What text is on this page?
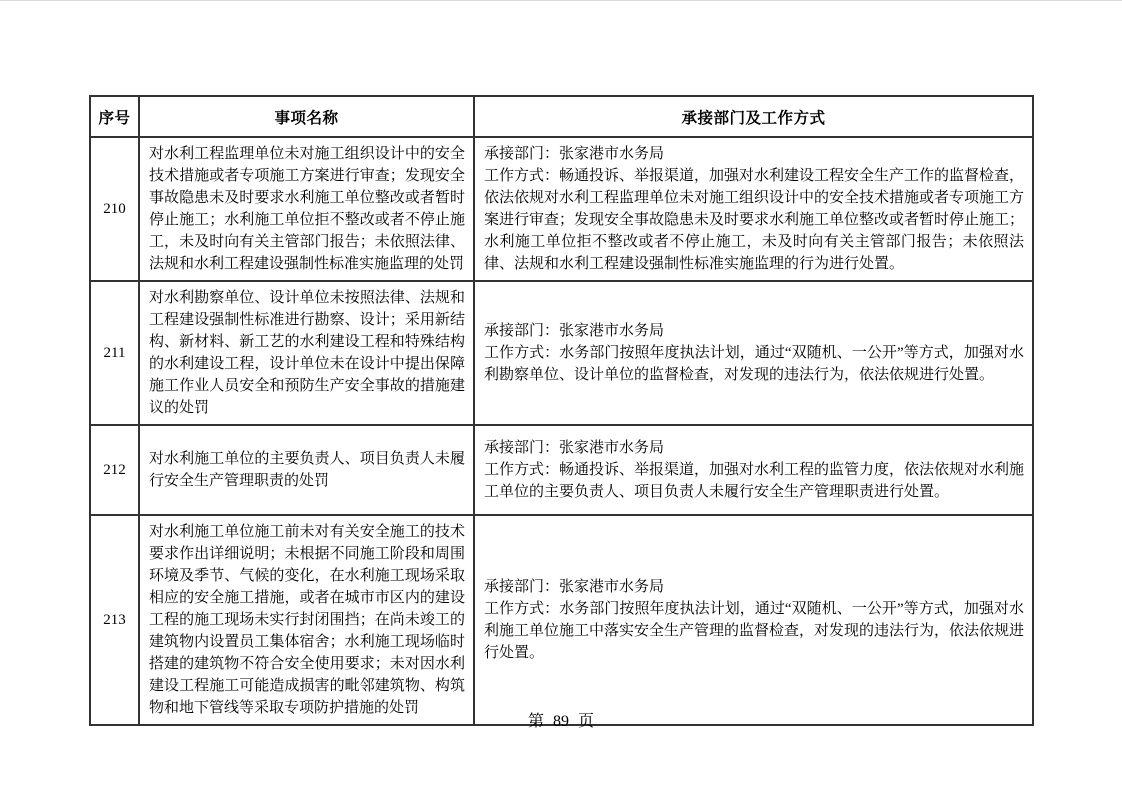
序号	事项名称	承接部门及工作方式
210	对水利工程监理单位未对施工组织设计中的安全技术措施或者专项施工方案进行审查；发现安全事故隐患未及时要求水利施工单位整改或者暂时停止施工；水利施工单位拒不整改或者不停止施工，未及时向有关主管部门报告；未依照法律、法规和水利工程建设强制性标准实施监理的处罚	承接部门：张家港市水务局
工作方式：畅通投诉、举报渠道，加强对水利建设工程安全生产工作的监督检查，依法依规对水利工程监理单位未对施工组织设计中的安全技术措施或者专项施工方案进行审查；发现安全事故隐患未及时要求水利施工单位整改或者暂时停止施工；水利施工单位拒不整改或者不停止施工，未及时向有关主管部门报告；未依照法律、法规和水利工程建设强制性标准实施监理的行为进行处置。

211	对水利勘察单位、设计单位未按照法律、法规和工程建设强制性标准进行勘察、设计；采用新结构、新材料、新工艺的水利建设工程和特殊结构的水利建设工程，设计单位未在设计中提出保障施工作业人员安全和预防生产安全事故的措施建议的处罚	承接部门：张家港市水务局
工作方式：水务部门按照年度执法计划，通过“双随机、一公开”等方式，加强对水利勘察单位、设计单位的监督检查，对发现的违法行为，依法依规进行处置。

212	对水利施工单位的主要负责人、项目负责人未履行安全生产管理职责的处罚	承接部门：张家港市水务局
工作方式：畅通投诉、举报渠道，加强对水利工程的监管力度，依法依规对水利施工单位的主要负责人、项目负责人未履行安全生产管理职责进行处置。

213	对水利施工单位施工前未对有关安全施工的技术要求作出详细说明；未根据不同施工阶段和周围环境及季节、气候的变化，在水利施工现场采取相应的安全施工措施，或者在城市市区内的建设工程的施工现场未实行封闭围挡；在尚未竣工的建筑物内设置员工集体宿舍；水利施工现场临时搭建的建筑物不符合安全使用要求；未对因水利建设工程施工可能造成损害的毗邻建筑物、构筑物和地下管线等采取专项防护措施的处罚	承接部门：张家港市水务局
工作方式：水务部门按照年度执法计划，通过“双随机、一公开”等方式，加强对水利施工单位施工中落实安全生产管理的监督检查，对发现的违法行为，依法依规进行处置。
第 89 页
